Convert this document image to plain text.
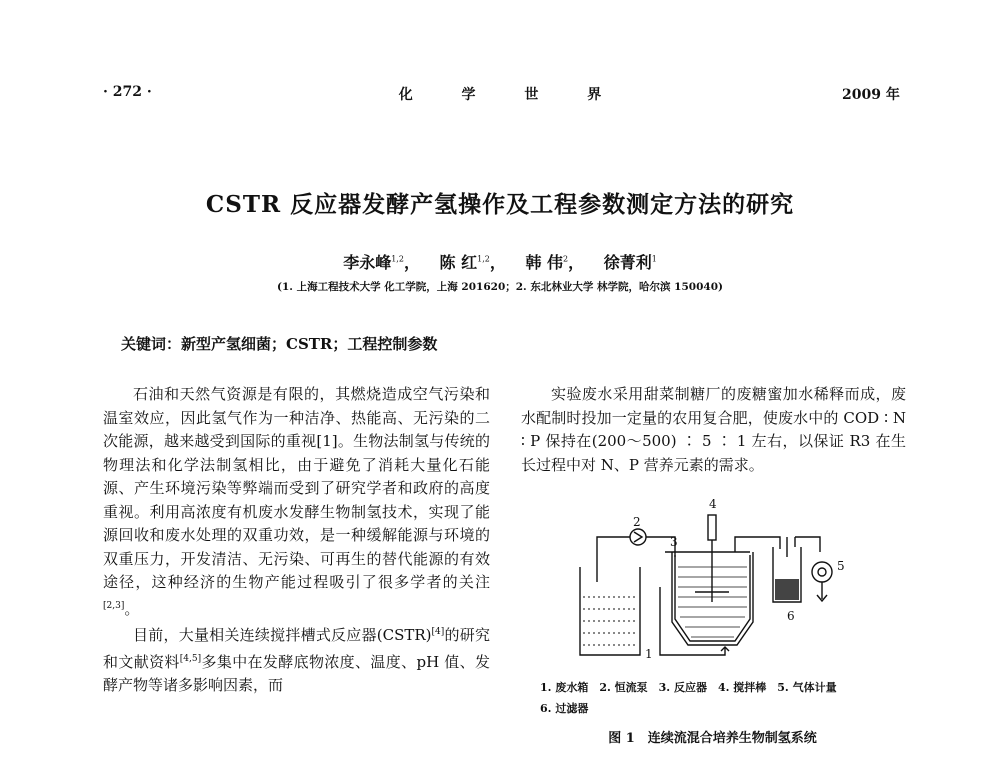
· 272 ·	化 学 世 界	2009 年
CSTR 反应器发酵产氢操作及工程参数测定方法的研究
李永峰$^{1,2}$， 陈 红$^{1,2}$， 韩 伟$^2$， 徐菁利$^1$
(1. 上海工程技术大学 化工学院，上海 201620；2. 东北林业大学 林学院，哈尔滨 150040)
关键词：新型产氢细菌；CSTR；工程控制参数

石油和天然气资源是有限的，其燃烧造成空气污染和温室效应，因此氢气作为一种洁净、热能高、无污染的二次能源，越来越受到国际的重视[1]。生物法制氢与传统的物理法和化学法制氢相比，由于避免了消耗大量化石能源、产生环境污染等弊端而受到了研究学者和政府的高度重视。利用高浓度有机废水发酵生物制氢技术，实现了能源回收和废水处理的双重功效，是一种缓解能源与环境的双重压力，开发清洁、无污染、可再生的替代能源的有效途径，这种经济的生物产能过程吸引了很多学者的关注[2,3]。

目前，大量相关连续搅拌槽式反应器(CSTR)[4]的研究和文献资料[4,5]多集中在发酵底物浓度、温度、pH 值、发酵产物等诸多影响因素，而

实验废水采用甜菜制糖厂的废糖蜜加水稀释而成，废水配制时投加一定量的农用复合肥，使废水中的 COD ∶ N ∶ P 保持在(200～500) ∶ 5 ∶ 1 左右，以保证 R3 在生长过程中对 N、P 营养元素的需求。

1
2
3
4
5
6
1. 废水箱　2. 恒流泵　3. 反应器　4. 搅拌棒　5. 气体计量
6. 过滤器
图 1　连续流混合培养生物制氢系统
